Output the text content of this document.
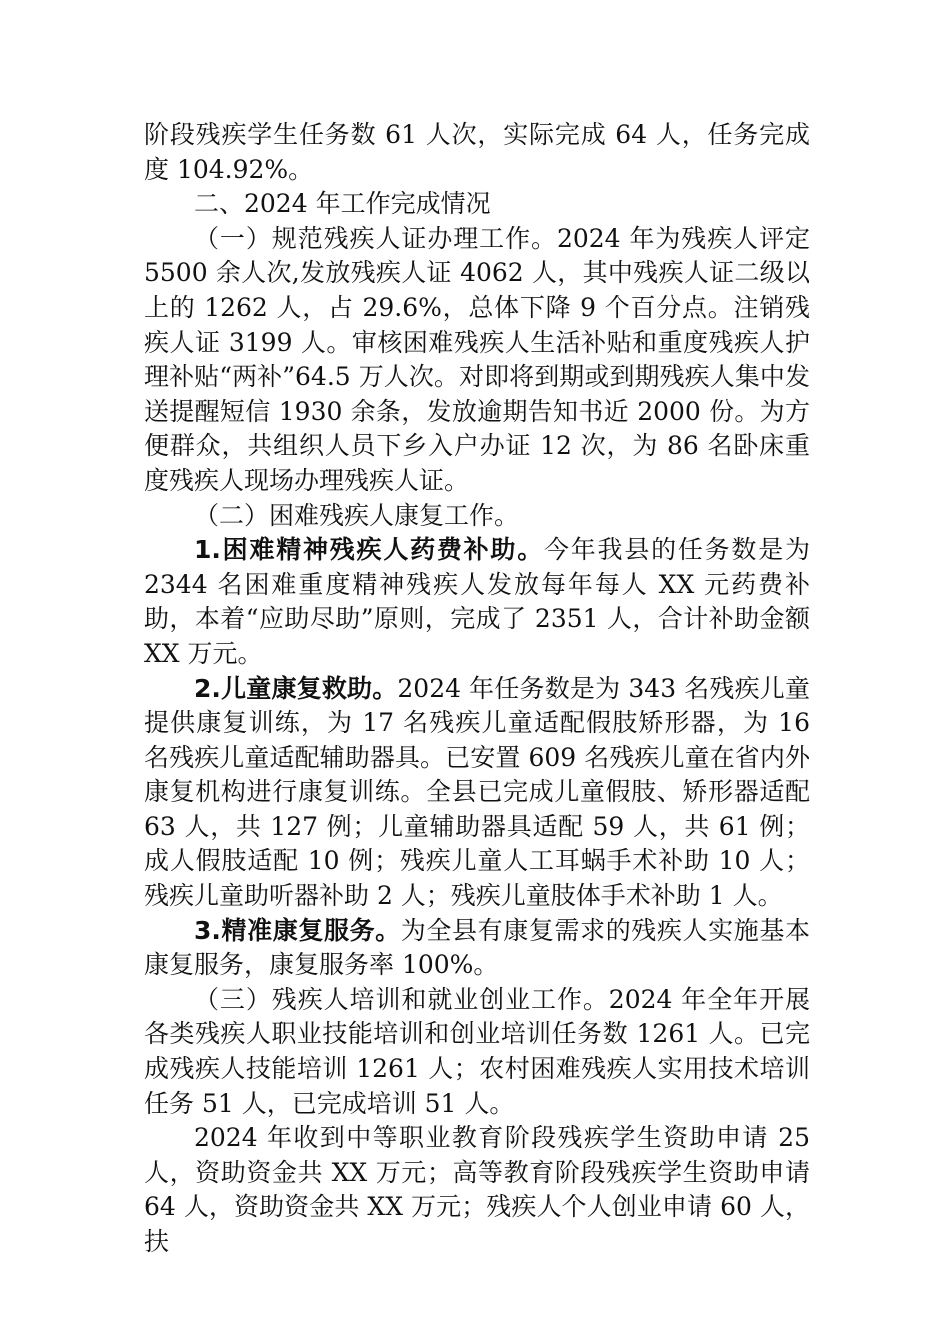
阶段残疾学生任务数 61 人次，实际完成 64 人，任务完成度 104.92%。

二、2024 年工作完成情况

（一）规范残疾人证办理工作。2024 年为残疾人评定 5500 余人次,发放残疾人证 4062 人，其中残疾人证二级以上的 1262 人，占 29.6%，总体下降 9 个百分点。注销残疾人证 3199 人。审核困难残疾人生活补贴和重度残疾人护理补贴“两补”64.5 万人次。对即将到期或到期残疾人集中发送提醒短信 1930 余条，发放逾期告知书近 2000 份。为方便群众，共组织人员下乡入户办证 12 次，为 86 名卧床重度残疾人现场办理残疾人证。

（二）困难残疾人康复工作。

1.困难精神残疾人药费补助。今年我县的任务数是为 2344 名困难重度精神残疾人发放每年每人 XX 元药费补助，本着“应助尽助”原则，完成了 2351 人，合计补助金额 XX 万元。

2.儿童康复救助。2024 年任务数是为 343 名残疾儿童提供康复训练，为 17 名残疾儿童适配假肢矫形器，为 16 名残疾儿童适配辅助器具。已安置 609 名残疾儿童在省内外康复机构进行康复训练。全县已完成儿童假肢、矫形器适配 63 人，共 127 例；儿童辅助器具适配 59 人，共 61 例；成人假肢适配 10 例；残疾儿童人工耳蜗手术补助 10 人；残疾儿童助听器补助 2 人；残疾儿童肢体手术补助 1 人。

3.精准康复服务。为全县有康复需求的残疾人实施基本康复服务，康复服务率 100%。

（三）残疾人培训和就业创业工作。2024 年全年开展各类残疾人职业技能培训和创业培训任务数 1261 人。已完成残疾人技能培训 1261 人；农村困难残疾人实用技术培训任务 51 人，已完成培训 51 人。

2024 年收到中等职业教育阶段残疾学生资助申请 25 人，资助资金共 XX 万元；高等教育阶段残疾学生资助申请 64 人，资助资金共 XX 万元；残疾人个人创业申请 60 人，扶
